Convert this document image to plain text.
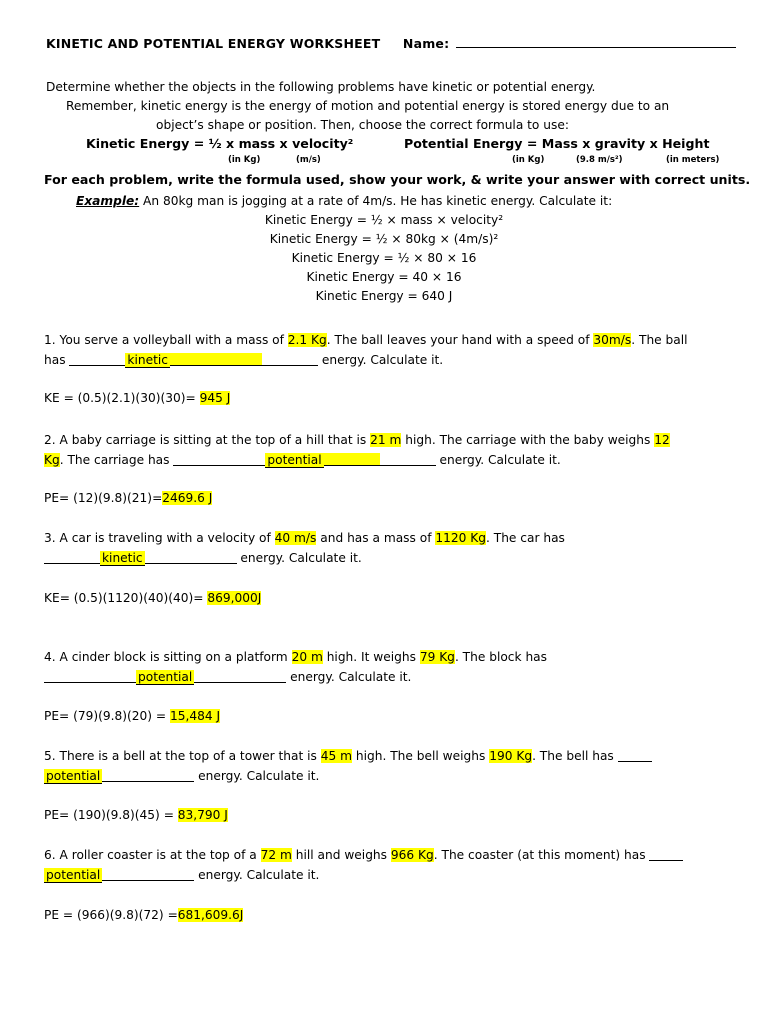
KINETIC AND POTENTIAL ENERGY WORKSHEET Name:
Determine whether the objects in the following problems have kinetic or potential energy.
Remember, kinetic energy is the energy of motion and potential energy is stored energy due to an
object’s shape or position. Then, choose the correct formula to use:
Kinetic Energy = ½ x mass x velocity²	Potential Energy = Mass x gravity x Height
(in Kg)	(m/s)	(in Kg)	(9.8 m/s²)	(in meters)
For each problem, write the formula used, show your work, & write your answer with correct units.
Example: An 80kg man is jogging at a rate of 4m/s. He has kinetic energy. Calculate it:
Kinetic Energy = ½ × mass × velocity²
Kinetic Energy = ½ × 80kg × (4m/s)²
Kinetic Energy = ½ × 80 × 16
Kinetic Energy = 40 × 16
Kinetic Energy = 640 J
1. You serve a volleyball with a mass of 2.1 Kg. The ball leaves your hand with a speed of 30m/s. The ball
has	kinetic	energy. Calculate it.
KE = (0.5)(2.1)(30)(30)= 945 J
2. A baby carriage is sitting at the top of a hill that is 21 m high. The carriage with the baby weighs 12
Kg. The carriage has	potential	energy. Calculate it.
PE= (12)(9.8)(21)=2469.6 J
3. A car is traveling with a velocity of 40 m/s and has a mass of 1120 Kg. The car has
kinetic	energy. Calculate it.
KE= (0.5)(1120)(40)(40)= 869,000J
4. A cinder block is sitting on a platform 20 m high. It weighs 79 Kg. The block has
potential	energy. Calculate it.
PE= (79)(9.8)(20) = 15,484 J
5. There is a bell at the top of a tower that is 45 m high. The bell weighs 190 Kg. The bell has
potential	energy. Calculate it.
PE= (190)(9.8)(45) = 83,790 J
6. A roller coaster is at the top of a 72 m hill and weighs 966 Kg. The coaster (at this moment) has
potential	energy. Calculate it.
PE = (966)(9.8)(72) =681,609.6J
